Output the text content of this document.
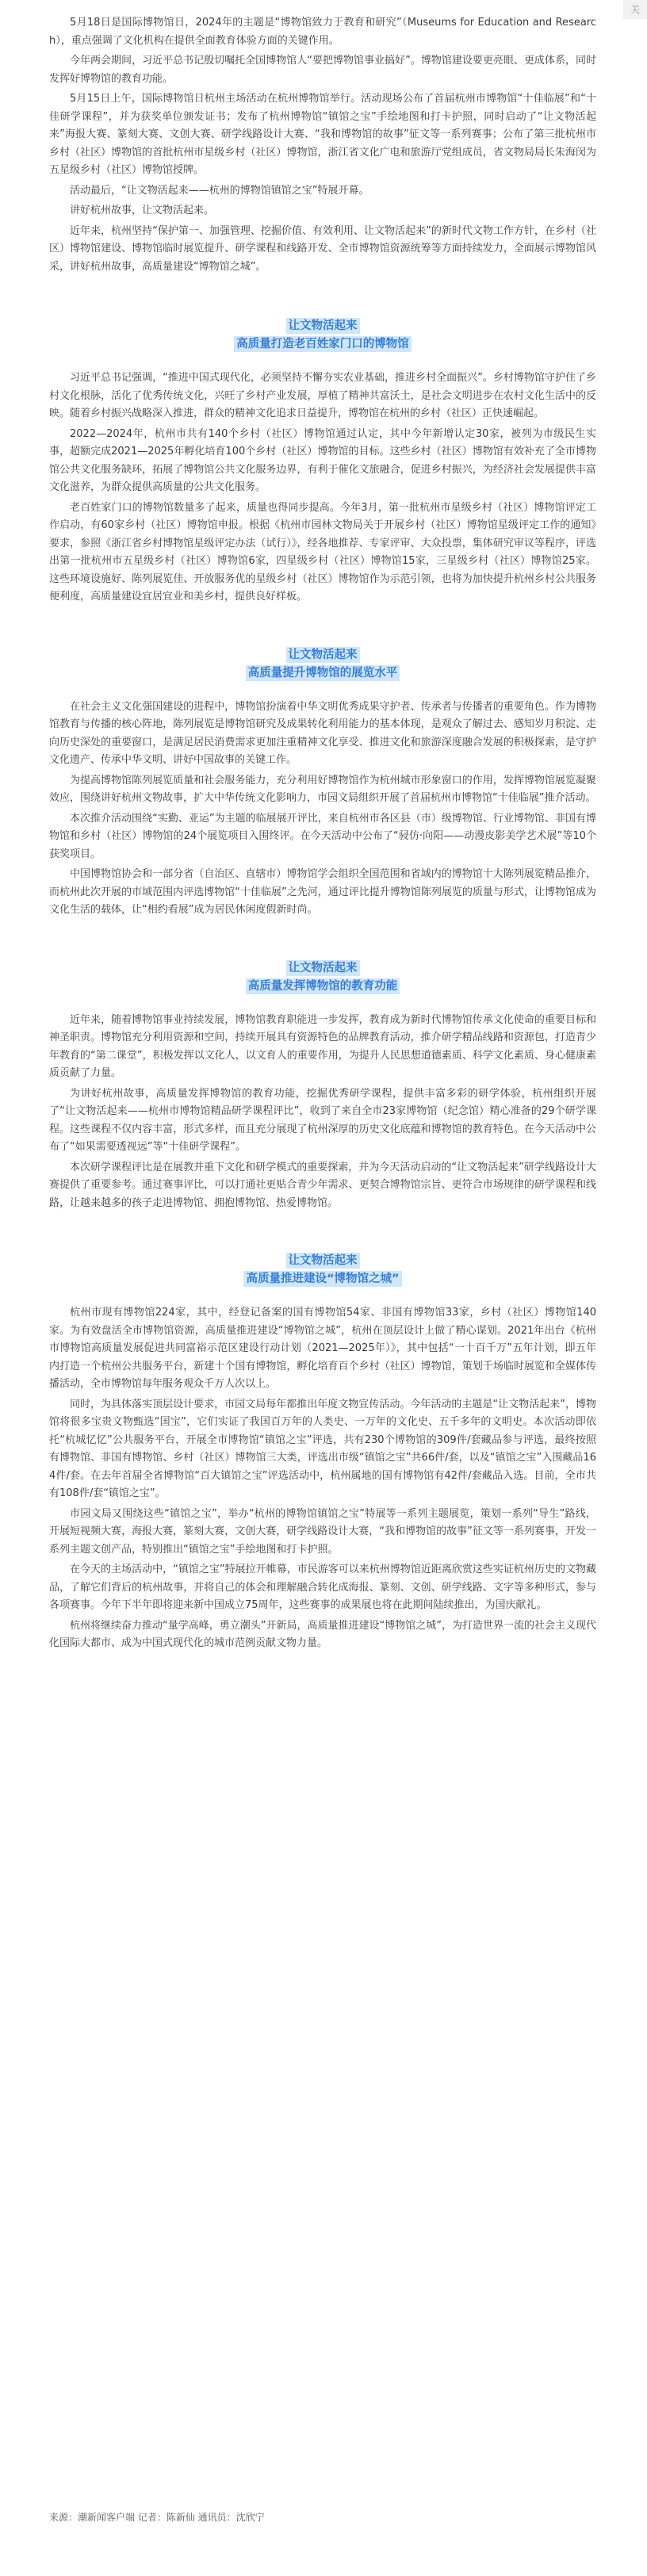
关

5月18日是国际博物馆日，2024年的主题是“博物馆致力于教育和研究”（Museums for Education and Research），重点强调了文化机构在提供全面教育体验方面的关键作用。

今年两会期间，习近平总书记殷切嘱托全国博物馆人“要把博物馆事业搞好”。博物馆建设要更亮眼、更成体系，同时发挥好博物馆的教育功能。

5月15日上午，国际博物馆日杭州主场活动在杭州博物馆举行。活动现场公布了首届杭州市博物馆“十佳临展”和“十佳研学课程”，并为获奖单位颁发证书；发布了杭州博物馆“镇馆之宝”手绘地图和打卡护照，同时启动了“让文物活起来”海报大赛、篆刻大赛、文创大赛、研学线路设计大赛、“我和博物馆的故事”征文等一系列赛事；公布了第三批杭州市乡村（社区）博物馆的首批杭州市星级乡村（社区）博物馆，浙江省文化广电和旅游厅党组成员，省文物局局长朱海闵为五星级乡村（社区）博物馆授牌。

活动最后，“让文物活起来——杭州的博物馆镇馆之宝”特展开幕。

讲好杭州故事，让文物活起来。

近年来，杭州坚持“保护第一、加强管理、挖掘价值、有效利用、让文物活起来”的新时代文物工作方针，在乡村（社区）博物馆建设、博物馆临时展览提升、研学课程和线路开发、全市博物馆资源统筹等方面持续发力，全面展示博物馆风采，讲好杭州故事，高质量建设“博物馆之城”。

让文物活起来

高质量打造老百姓家门口的博物馆

习近平总书记强调，“推进中国式现代化，必须坚持不懈夯实农业基础，推进乡村全面振兴”。乡村博物馆守护住了乡村文化根脉，活化了优秀传统文化，兴旺了乡村产业发展，厚植了精神共富沃土，是社会文明进步在农村文化生活中的反映。随着乡村振兴战略深入推进，群众的精神文化追求日益提升，博物馆在杭州的乡村（社区）正快速崛起。

2022—2024年，杭州市共有140个乡村（社区）博物馆通过认定，其中今年新增认定30家，被列为市级民生实事，超额完成2021—2025年孵化培育100个乡村（社区）博物馆的目标。这些乡村（社区）博物馆有效补充了全市博物馆公共文化服务缺环，拓展了博物馆公共文化服务边界，有利于催化文旅融合，促进乡村振兴，为经济社会发展提供丰富文化滋养，为群众提供高质量的公共文化服务。

老百姓家门口的博物馆数量多了起来，质量也得同步提高。今年3月，第一批杭州市星级乡村（社区）博物馆评定工作启动，有60家乡村（社区）博物馆申报。根据《杭州市园林文物局关于开展乡村（社区）博物馆星级评定工作的通知》要求，参照《浙江省乡村博物馆星级评定办法（试行）》，经各地推荐、专家评审、大众投票，集体研究审议等程序，评选出第一批杭州市五星级乡村（社区）博物馆6家，四星级乡村（社区）博物馆15家，三星级乡村（社区）博物馆25家。这些环境设施好、陈列展览佳、开放服务优的星级乡村（社区）博物馆作为示范引领，也将为加快提升杭州乡村公共服务便利度，高质量建设宜居宜业和美乡村，提供良好样板。

让文物活起来

高质量提升博物馆的展览水平

在社会主义文化强国建设的进程中，博物馆扮演着中华文明优秀成果守护者、传承者与传播者的重要角色。作为博物馆教育与传播的核心阵地，陈列展览是博物馆研究及成果转化利用能力的基本体现，是观众了解过去、感知岁月积淀、走向历史深处的重要窗口，是满足居民消费需求更加注重精神文化享受、推进文化和旅游深度融合发展的积极探索，是守护文化遗产、传承中华文明、讲好中国故事的关键工作。

为提高博物馆陈列展览质量和社会服务能力，充分利用好博物馆作为杭州城市形象窗口的作用，发挥博物馆展览凝聚效应，围绕讲好杭州文物故事，扩大中华传统文化影响力，市园文局组织开展了首届杭州市博物馆“十佳临展”推介活动。

本次推介活动围绕“实勤、亚运”为主题的临展展开评比，来自杭州市各区县（市）级博物馆、行业博物馆、非国有博物馆和乡村（社区）博物馆的24个展览项目入围终评。在今天活动中公布了“骎仿·向阳——动漫皮影美学艺术展”等10个获奖项目。

中国博物馆协会和一部分省（自治区、直辖市）博物馆学会组织全国范围和省域内的博物馆十大陈列展览精品推介，而杭州此次开展的市域范围内评选博物馆“十佳临展”之先河，通过评比提升博物馆陈列展览的质量与形式，让博物馆成为文化生活的载体，让“相约看展”成为居民休闲度假新时尚。

让文物活起来

高质量发挥博物馆的教育功能

近年来，随着博物馆事业持续发展，博物馆教育职能进一步发挥，教育成为新时代博物馆传承文化使命的重要目标和神圣职责。博物馆充分利用资源和空间，持续开展具有资源特色的品牌教育活动，推介研学精品线路和资源包，打造青少年教育的“第二课堂”，积极发挥以文化人，以文育人的重要作用，为提升人民思想道德素质、科学文化素质、身心健康素质贡献了力量。

为讲好杭州故事，高质量发挥博物馆的教育功能，挖掘优秀研学课程，提供丰富多彩的研学体验，杭州组织开展了“让文物活起来——杭州市博物馆精品研学课程评比”，收到了来自全市23家博物馆（纪念馆）精心准备的29个研学课程。这些课程不仅内容丰富，形式多样，而且充分展现了杭州深厚的历史文化底蕴和博物馆的教育特色。在今天活动中公布了“如果需要透视远”等“十佳研学课程”。

本次研学课程评比是在展教并重下文化和研学模式的重要探索，并为今天活动启动的“让文物活起来”研学线路设计大赛提供了重要参考。通过赛事评比，可以打通社更贴合青少年需求、更契合博物馆宗旨、更符合市场规律的研学课程和线路，让越来越多的孩子走进博物馆、拥抱博物馆、热爱博物馆。

让文物活起来

高质量推进建设“博物馆之城”

杭州市现有博物馆224家，其中，经登记备案的国有博物馆54家、非国有博物馆33家，乡村（社区）博物馆140家。为有效盘活全市博物馆资源，高质量推进建设“博物馆之城”，杭州在顶层设计上做了精心谋划。2021年出台《杭州市博物馆高质量发展促进共同富裕示范区建设行动计划（2021—2025年）》，其中包括“一十百千万”五年计划，即五年内打造一个杭州公共服务平台，新建十个国有博物馆，孵化培育百个乡村（社区）博物馆，策划千场临时展览和全媒体传播活动，全市博物馆每年服务观众千万人次以上。

同时，为具体落实顶层设计要求，市园文局每年都推出年度文物宣传活动。今年活动的主题是“让文物活起来”，博物馆将很多宝贵文物甄选“国宝”，它们实证了我国百万年的人类史、一万年的文化史、五千多年的文明史。本次活动即依托“杭城忆忆”公共服务平台，开展全市博物馆“镇馆之宝”评选，共有230个博物馆的309件/套藏品参与评选，最终按照有博物馆、非国有博物馆、乡村（社区）博物馆三大类，评选出市级“镇馆之宝”共66件/套，以及“镇馆之宝”入围藏品164件/套。在去年首届全省博物馆“百大镇馆之宝”评选活动中，杭州属地的国有博物馆有42件/套藏品入选。目前，全市共有108件/套“镇馆之宝”。

市园文局又围绕这些“镇馆之宝”，举办“杭州的博物馆镇馆之宝”特展等一系列主题展览，策划一系列“导生”路线，开展短视频大赛，海报大赛，篆刻大赛，文创大赛，研学线路设计大赛，“我和博物馆的故事”征文等一系列赛事，开发一系列主题文创产品，特别推出“镇馆之宝”手绘地图和打卡护照。

在今天的主场活动中，“镇馆之宝”特展拉开帷幕，市民游客可以来杭州博物馆近距离欣赏这些实证杭州历史的文物藏品，了解它们背后的杭州故事，并将自己的体会和理解融合转化成海报、篆刻、文创、研学线路、文字等多种形式，参与各项赛事。今年下半年即将迎来新中国成立75周年，这些赛事的成果展也将在此期间陆续推出，为国庆献礼。

杭州将继续奋力推动“量学高峰，勇立潮头”开新局，高质量推进建设“博物馆之城”，为打造世界一流的社会主义现代化国际大都市、成为中国式现代化的城市范例贡献文物力量。

来源：潮新闻客户端 记者：陈新仙 通讯员：沈欣宁
